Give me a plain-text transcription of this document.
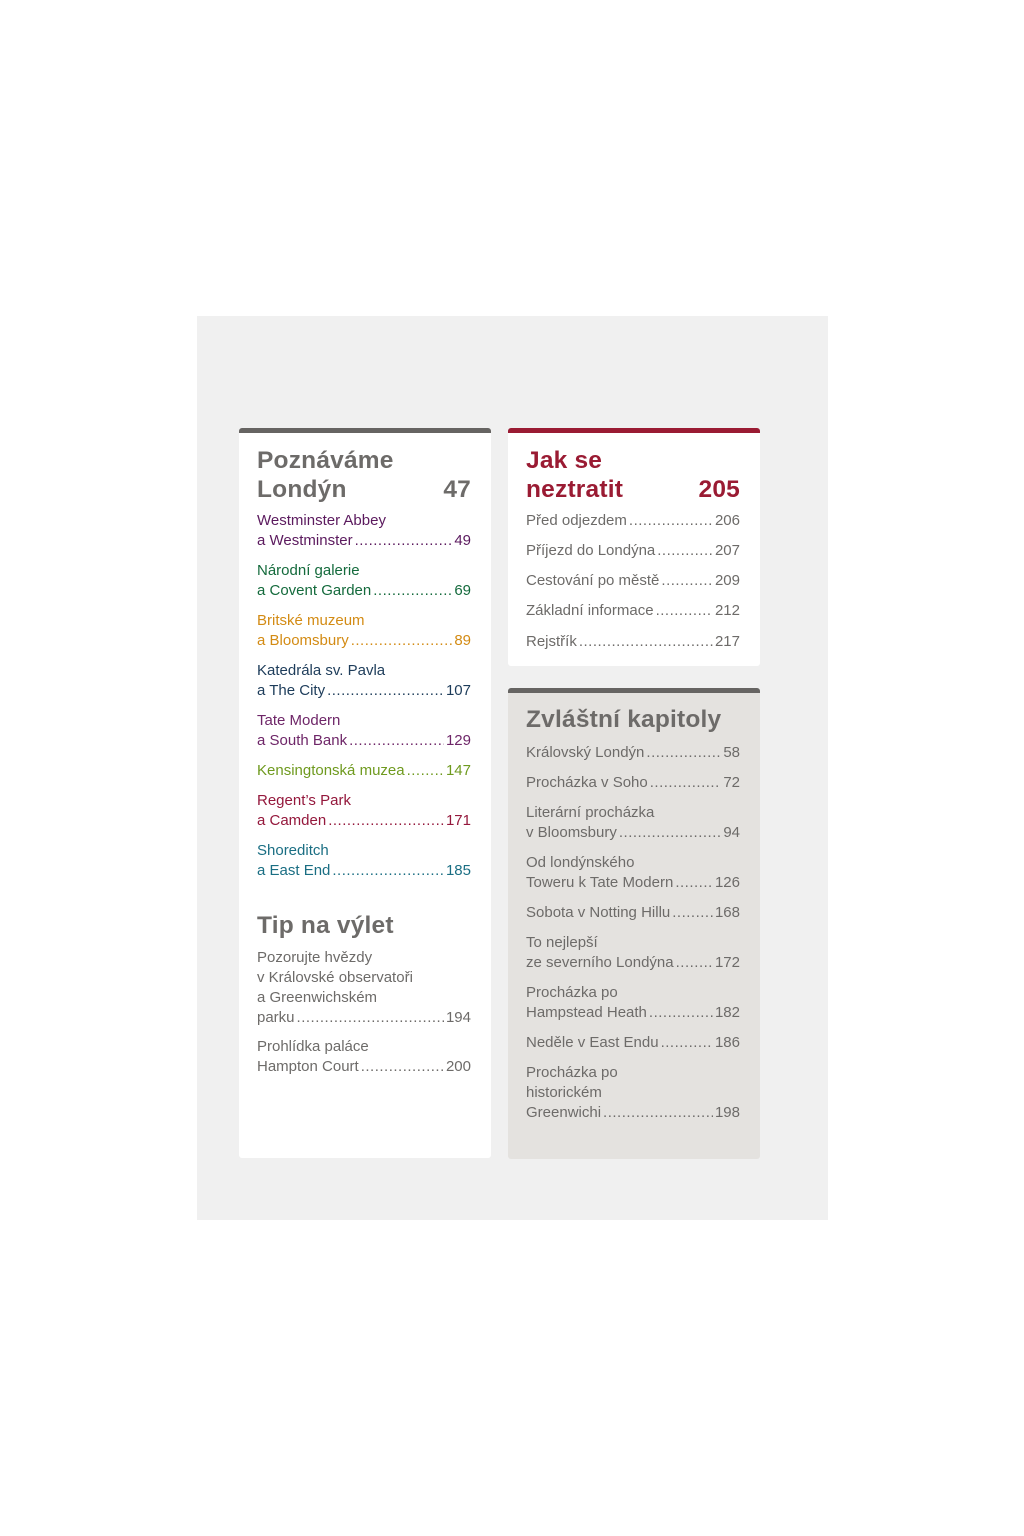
Poznáváme
Londýn	47
Westminster Abbey
a Westminster .....	49
Národní galerie
a Covent Garden .....	69
Britské muzeum
a Bloomsbury .....	89
Katedrála sv. Pavla
a The City .....	107
Tate Modern
a South Bank .....	129
Kensingtonská muzea .....	147
Regent’s Park
a Camden .....	171
Shoreditch
a East End .....	185
Tip na výlet
Pozorujte hvězdy
v Královské observatoři
a Greenwichském
parku .....	194
Prohlídka paláce
Hampton Court .....	200
Jak se
neztratit	205
Před odjezdem .....	206
Příjezd do Londýna .....	207
Cestování po městě .....	209
Základní informace .....	212
Rejstřík .....	217
Zvláštní kapitoly
Královský Londýn .....	58
Procházka v Soho .....	72
Literární procházka
v Bloomsbury .....	94
Od londýnského
Toweru k Tate Modern .....	126
Sobota v Notting Hillu .....	168
To nejlepší
ze severního Londýna .....	172
Procházka po
Hampstead Heath .....	182
Neděle v East Endu .....	186
Procházka po
historickém
Greenwichi .....	198
